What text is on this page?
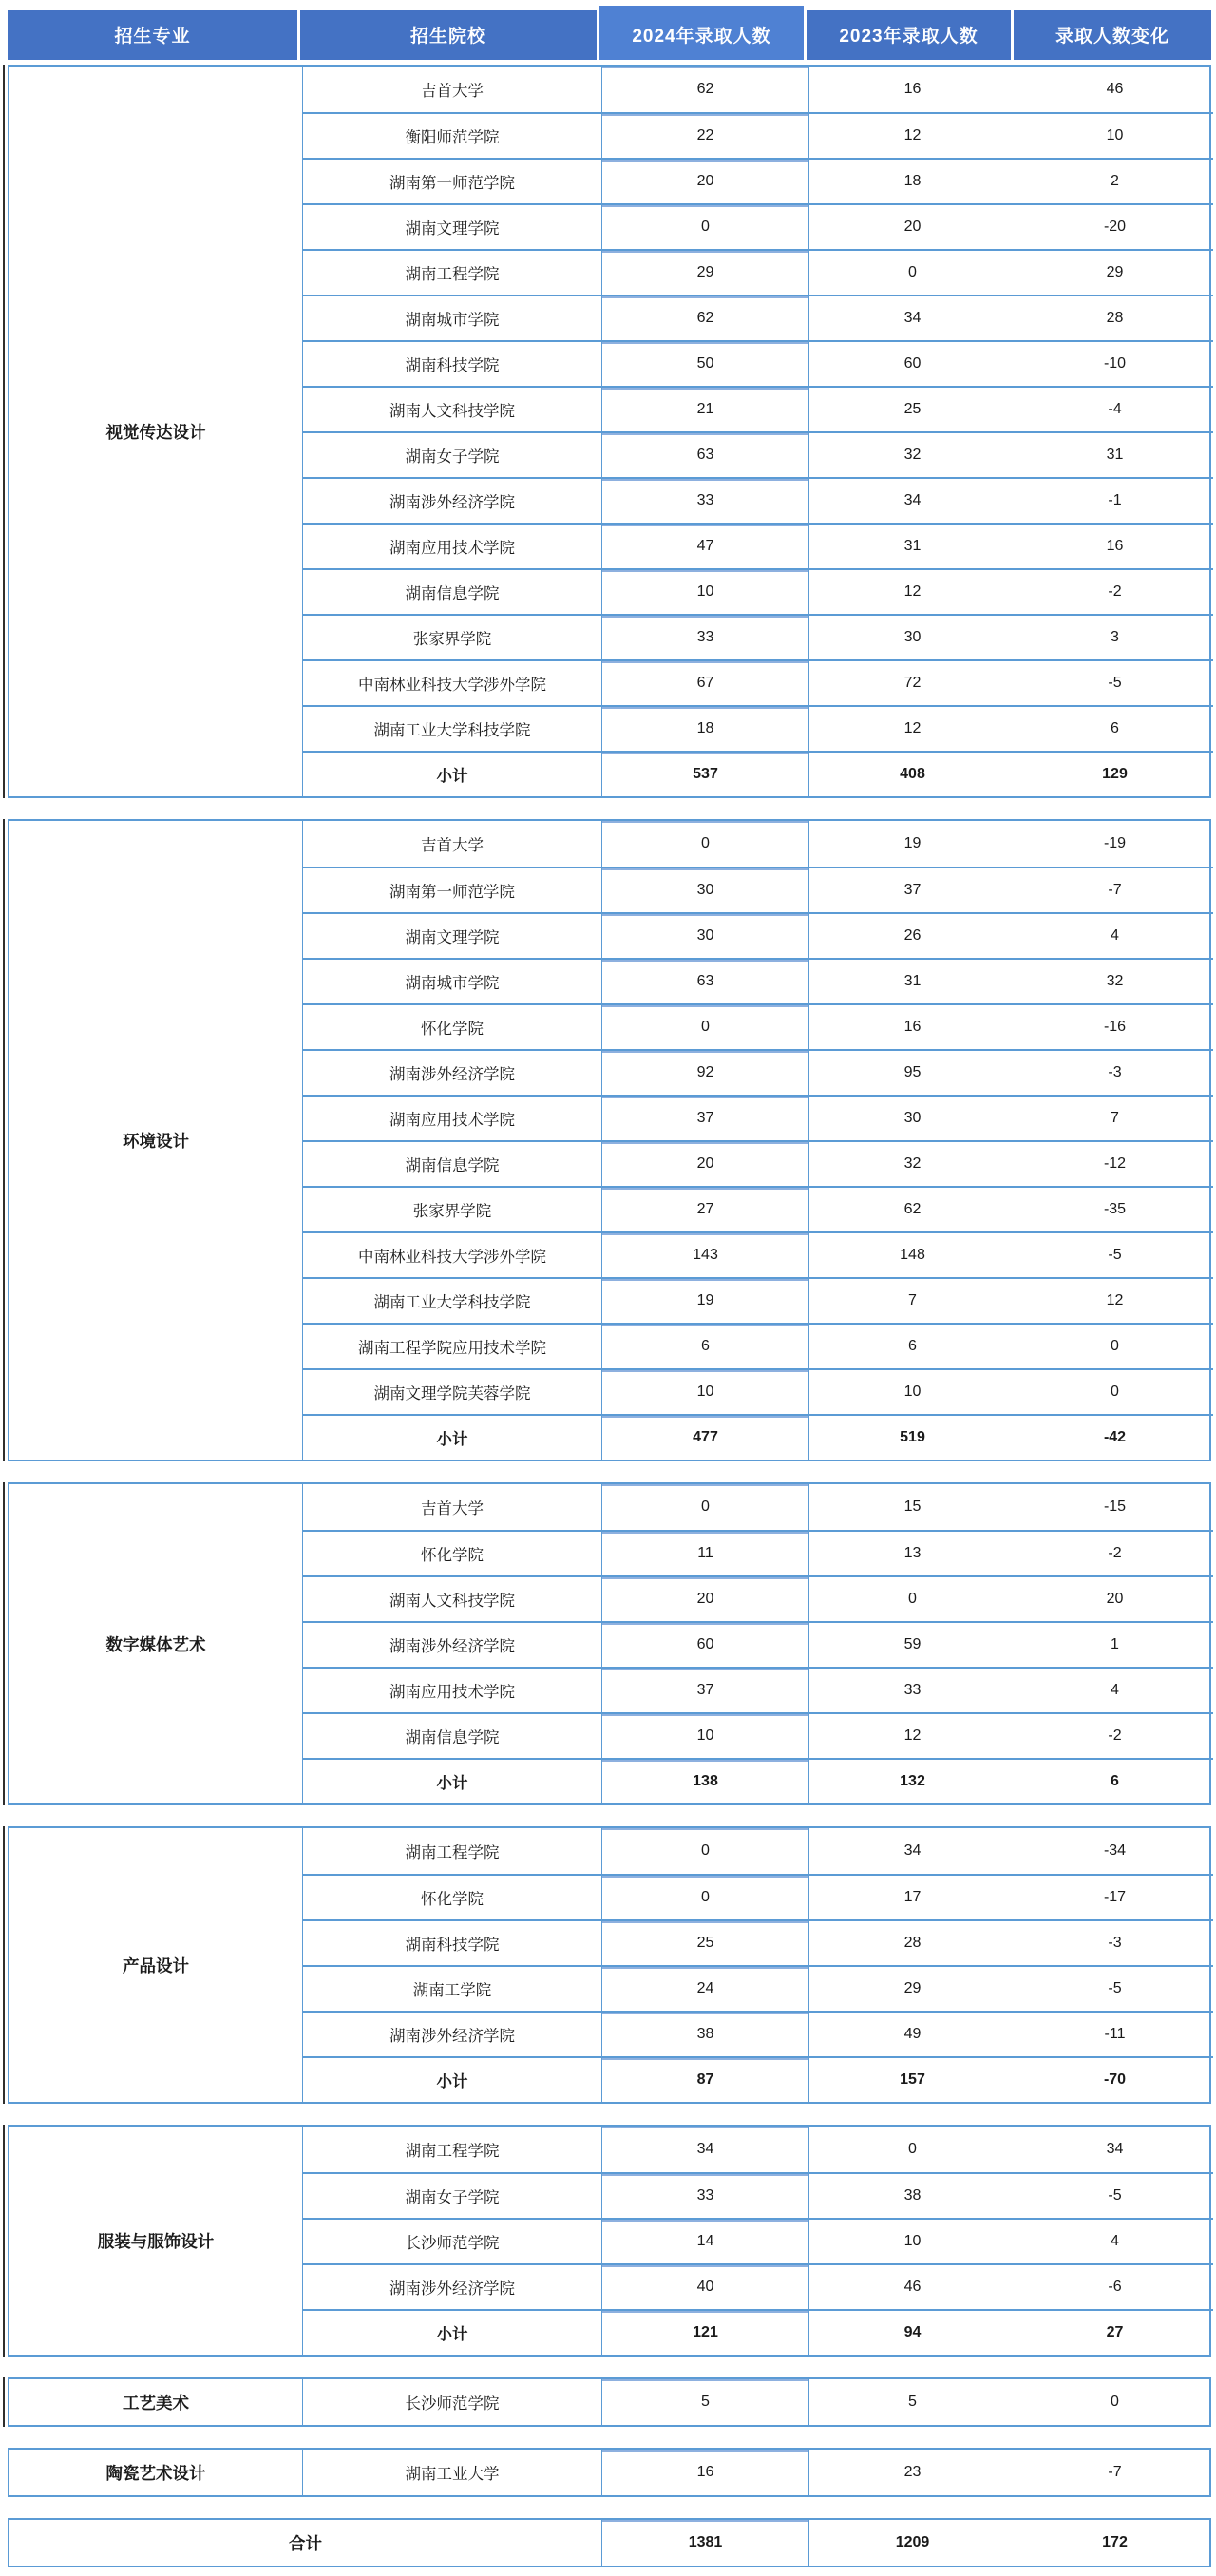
招生专业	招生院校	2024年录取人数	2023年录取人数	录取人数变化
视觉传达设计
吉首大学	62	16	46
衡阳师范学院	22	12	10
湖南第一师范学院	20	18	2
湖南文理学院	0	20	-20
湖南工程学院	29	0	29
湖南城市学院	62	34	28
湖南科技学院	50	60	-10
湖南人文科技学院	21	25	-4
湖南女子学院	63	32	31
湖南涉外经济学院	33	34	-1
湖南应用技术学院	47	31	16
湖南信息学院	10	12	-2
张家界学院	33	30	3
中南林业科技大学涉外学院	67	72	-5
湖南工业大学科技学院	18	12	6
小计	537	408	129
环境设计
吉首大学	0	19	-19
湖南第一师范学院	30	37	-7
湖南文理学院	30	26	4
湖南城市学院	63	31	32
怀化学院	0	16	-16
湖南涉外经济学院	92	95	-3
湖南应用技术学院	37	30	7
湖南信息学院	20	32	-12
张家界学院	27	62	-35
中南林业科技大学涉外学院	143	148	-5
湖南工业大学科技学院	19	7	12
湖南工程学院应用技术学院	6	6	0
湖南文理学院芙蓉学院	10	10	0
小计	477	519	-42
数字媒体艺术
吉首大学	0	15	-15
怀化学院	11	13	-2
湖南人文科技学院	20	0	20
湖南涉外经济学院	60	59	1
湖南应用技术学院	37	33	4
湖南信息学院	10	12	-2
小计	138	132	6
产品设计
湖南工程学院	0	34	-34
怀化学院	0	17	-17
湖南科技学院	25	28	-3
湖南工学院	24	29	-5
湖南涉外经济学院	38	49	-11
小计	87	157	-70
服装与服饰设计
湖南工程学院	34	0	34
湖南女子学院	33	38	-5
长沙师范学院	14	10	4
湖南涉外经济学院	40	46	-6
小计	121	94	27
工艺美术	长沙师范学院	5	5	0
陶瓷艺术设计	湖南工业大学	16	23	-7
合计	1381	1209	172
